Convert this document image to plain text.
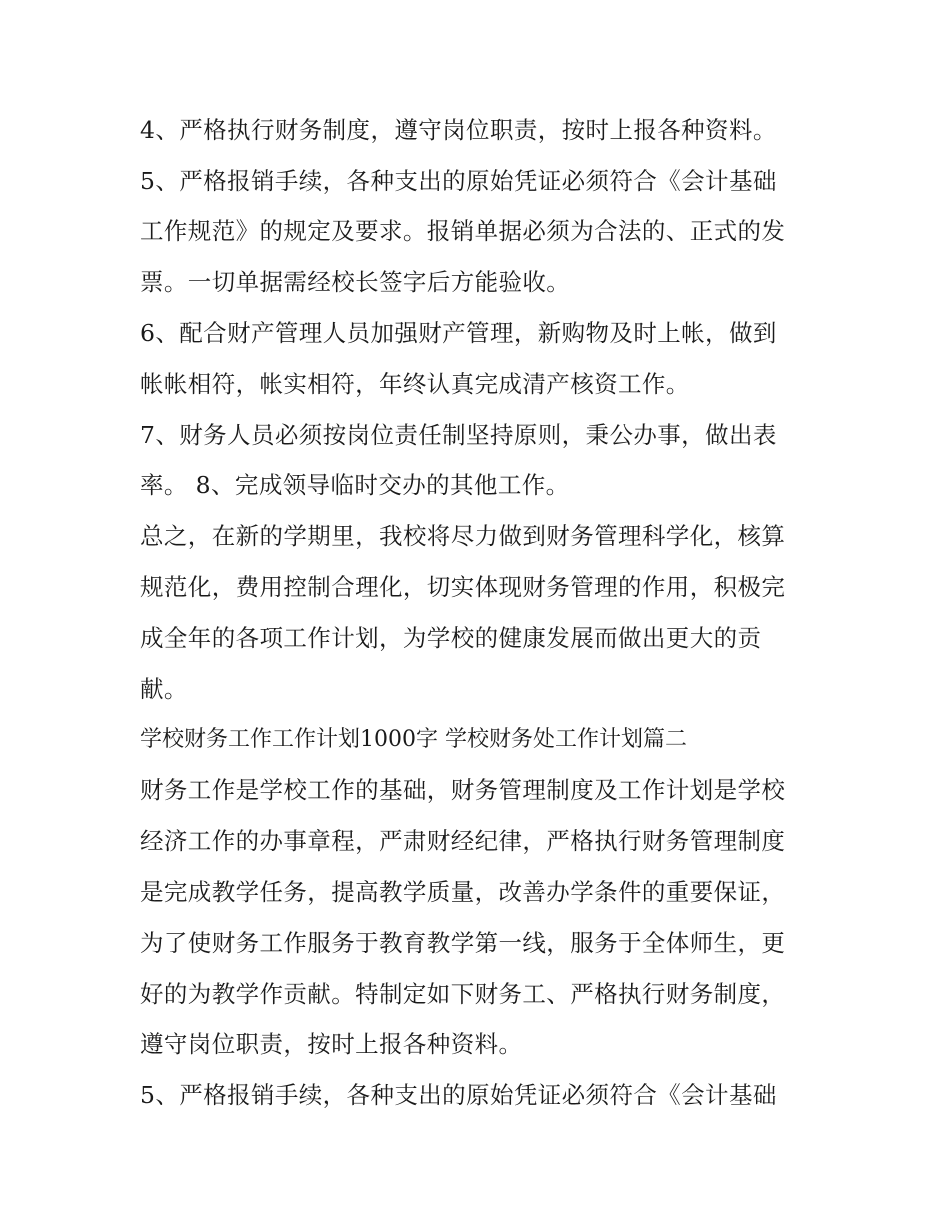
4、严格执行财务制度，遵守岗位职责，按时上报各种资料。
5、严格报销手续，各种支出的原始凭证必须符合《会计基础
工作规范》的规定及要求。报销单据必须为合法的、正式的发
票。一切单据需经校长签字后方能验收。
6、配合财产管理人员加强财产管理，新购物及时上帐，做到
帐帐相符，帐实相符，年终认真完成清产核资工作。
7、财务人员必须按岗位责任制坚持原则，秉公办事，做出表
率。 8、完成领导临时交办的其他工作。
总之，在新的学期里，我校将尽力做到财务管理科学化，核算
规范化，费用控制合理化，切实体现财务管理的作用，积极完
成全年的各项工作计划，为学校的健康发展而做出更大的贡
献。
学校财务工作工作计划1000字 学校财务处工作计划篇二
财务工作是学校工作的基础，财务管理制度及工作计划是学校
经济工作的办事章程，严肃财经纪律，严格执行财务管理制度
是完成教学任务，提高教学质量，改善办学条件的重要保证，
为了使财务工作服务于教育教学第一线，服务于全体师生，更
好的为教学作贡献。特制定如下财务工、严格执行财务制度，
遵守岗位职责，按时上报各种资料。
5、严格报销手续，各种支出的原始凭证必须符合《会计基础
